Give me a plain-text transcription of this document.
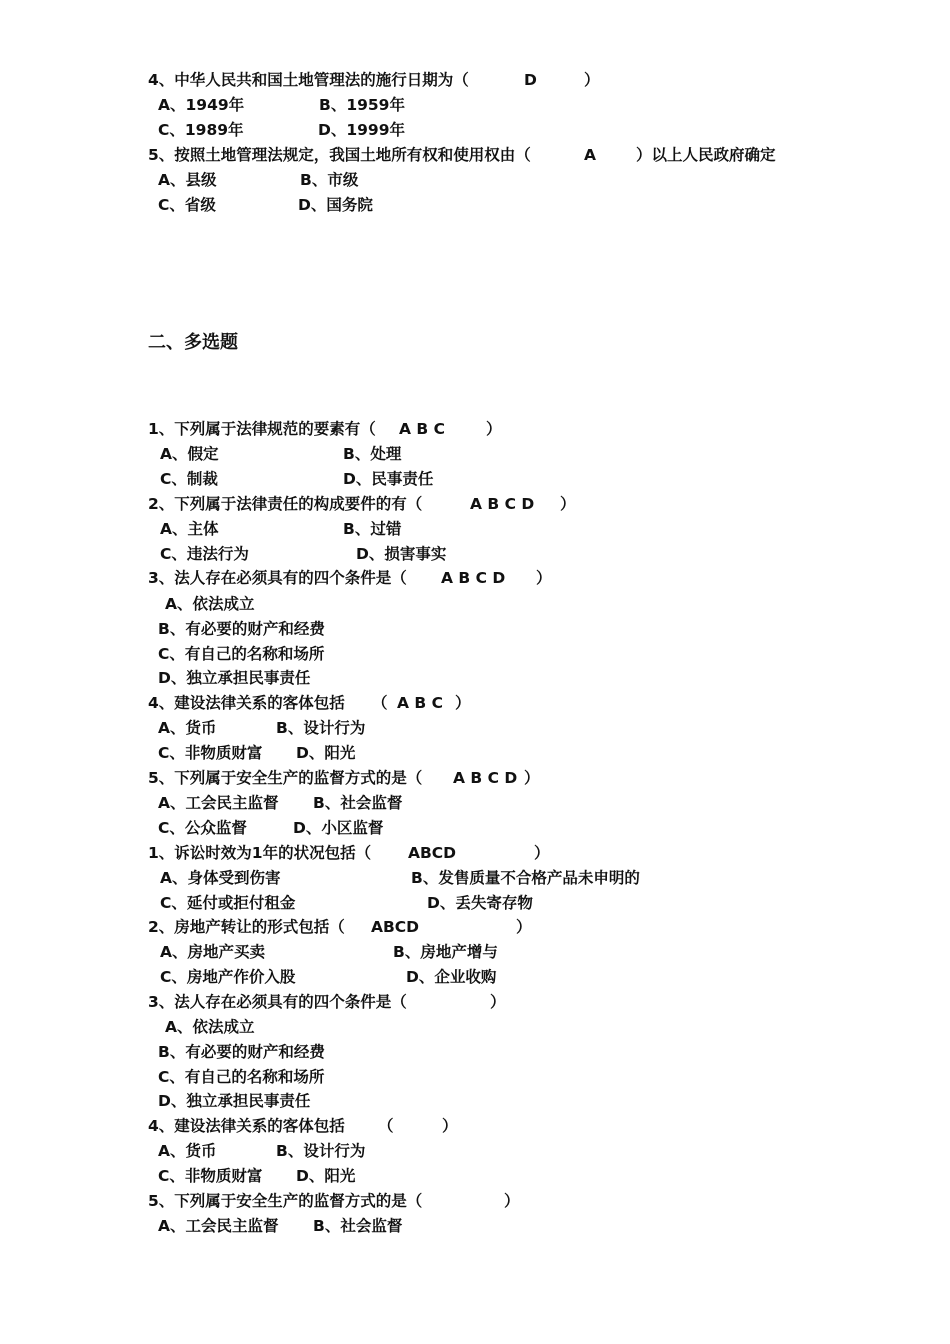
4、中华人民共和国土地管理法的施行日期为（

	D

	）

A、1949年

	B、1959年

C、1989年

	D、1999年

5、按照土地管理法规定，我国土地所有权和使用权由（

	A

	）以上人民政府确定

A、县级

	B、市级

C、省级

	D、国务院

二、多选题

1、下列属于法律规范的要素有（

A B C

	）

A、假定

	B、处理

C、制裁

	D、民事责任

2、下列属于法律责任的构成要件的有（

	A B C D

）

A、主体

	B、过错

C、违法行为

	D、损害事实

3、法人存在必须具有的四个条件是（

A B C D

）

A、依法成立

B、有必要的财产和经费

C、有自己的名称和场所

D、独立承担民事责任

4、建设法律关系的客体包括

（

A B C

）

A、货币

	B、设计行为

C、非物质财富

D、阳光

5、下列属于安全生产的监督方式的是（

A B C D

）

A、工会民主监督

B、社会监督

C、公众监督

	D、小区监督

1、诉讼时效为1年的状况包括（

ABCD

	）

A、身体受到伤害

	B、发售质量不合格产品未申明的

C、延付或拒付租金

	D、丢失寄存物

2、房地产转让的形式包括（

ABCD

	）

A、房地产买卖

	B、房地产增与

C、房地产作价入股

	D、企业收购

3、法人存在必须具有的四个条件是（

	）

A、依法成立

B、有必要的财产和经费

C、有自己的名称和场所

D、独立承担民事责任

4、建设法律关系的客体包括

（

	）

A、货币

	B、设计行为

C、非物质财富

D、阳光

5、下列属于安全生产的监督方式的是（

	）

A、工会民主监督

B、社会监督
